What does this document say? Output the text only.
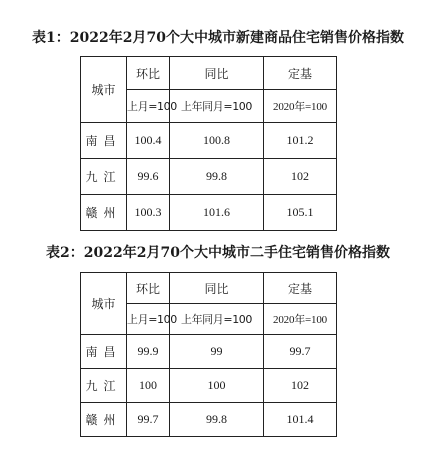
表1：2022年2月70个大中城市新建商品住宅销售价格指数
城市	环比	同比	定基
	上月=100	上年同月=100	2020年=100
南昌	100.4	100.8	101.2
九江	99.6	99.8	102
赣州	100.3	101.6	105.1
表2：2022年2月70个大中城市二手住宅销售价格指数
城市	环比	同比	定基
	上月=100	上年同月=100	2020年=100
南昌	99.9	99	99.7
九江	100	100	102
赣州	99.7	99.8	101.4
